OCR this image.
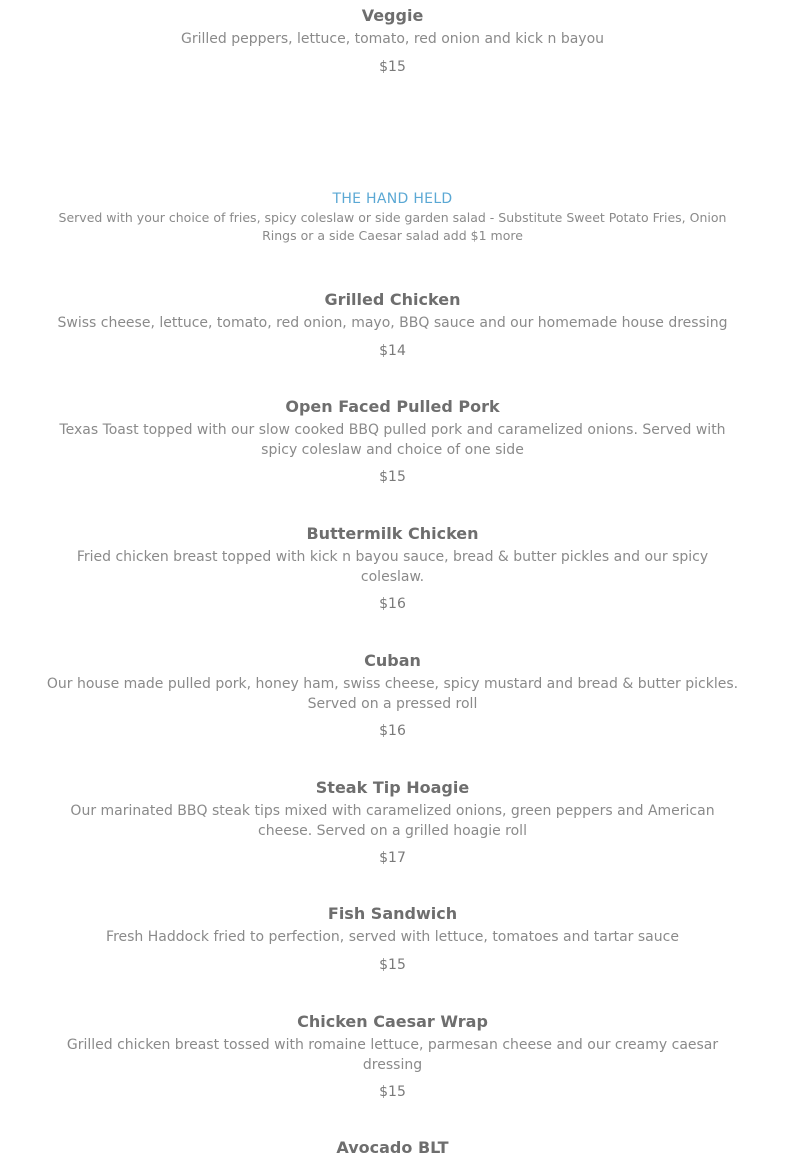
Veggie

Grilled peppers, lettuce, tomato, red onion and kick n bayou

$15

THE HAND HELD

Served with your choice of fries, spicy coleslaw or side garden salad - Substitute Sweet Potato Fries, Onion Rings or a side Caesar salad add $1 more

Grilled Chicken

Swiss cheese, lettuce, tomato, red onion, mayo, BBQ sauce and our homemade house dressing

$14

Open Faced Pulled Pork

Texas Toast topped with our slow cooked BBQ pulled pork and caramelized onions. Served with spicy coleslaw and choice of one side

$15

Buttermilk Chicken

Fried chicken breast topped with kick n bayou sauce, bread & butter pickles and our spicy coleslaw.

$16

Cuban

Our house made pulled pork, honey ham, swiss cheese, spicy mustard and bread & butter pickles. Served on a pressed roll

$16

Steak Tip Hoagie

Our marinated BBQ steak tips mixed with caramelized onions, green peppers and American cheese. Served on a grilled hoagie roll

$17

Fish Sandwich

Fresh Haddock fried to perfection, served with lettuce, tomatoes and tartar sauce

$15

Chicken Caesar Wrap

Grilled chicken breast tossed with romaine lettuce, parmesan cheese and our creamy caesar dressing

$15

Avocado BLT
